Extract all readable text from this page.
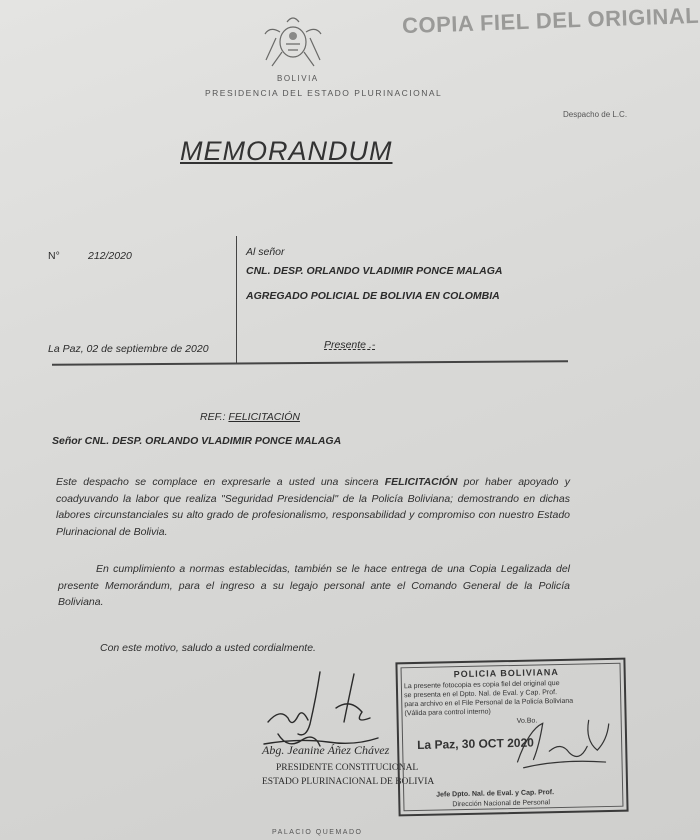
BOLIVIA
PRESIDENCIA DEL ESTADO PLURINACIONAL
COPIA FIEL DEL ORIGINAL
Despacho de L.C.
MEMORANDUM
N°	212/2020
La Paz, 02 de septiembre de 2020
Al señor
CNL. DESP. ORLANDO VLADIMIR PONCE MALAGA
AGREGADO POLICIAL DE BOLIVIA EN COLOMBIA
Presente .-
REF.: FELICITACIÓN
Señor CNL. DESP. ORLANDO VLADIMIR PONCE MALAGA
Este despacho se complace en expresarle a usted una sincera FELICITACIÓN por haber apoyado y coadyuvando la labor que realiza "Seguridad Presidencial" de la Policía Boliviana; demostrando en dichas labores circunstanciales su alto grado de profesionalismo, responsabilidad y compromiso con nuestro Estado Plurinacional de Bolivia.
En cumplimiento a normas establecidas, también se le hace entrega de una Copia Legalizada del presente Memorándum, para el ingreso a su legajo personal ante el Comando General de la Policía Boliviana.
Con este motivo, saludo a usted cordialmente.
Abg. Jeanine Áñez Chávez
PRESIDENTE CONSTITUCIONAL
ESTADO PLURINACIONAL DE BOLIVIA
POLICIA BOLIVIANA
La presente fotocopia es copia fiel del original que
se presenta en el Dpto. Nal. de Eval. y Cap. Prof.
para archivo en el File Personal de la Policía Boliviana
(Válida para control interno)
Vo.Bo.
La Paz, 30 OCT 2020
Jefe Dpto. Nal. de Eval. y Cap. Prof.
Dirección Nacional de Personal
PALACIO QUEMADO
